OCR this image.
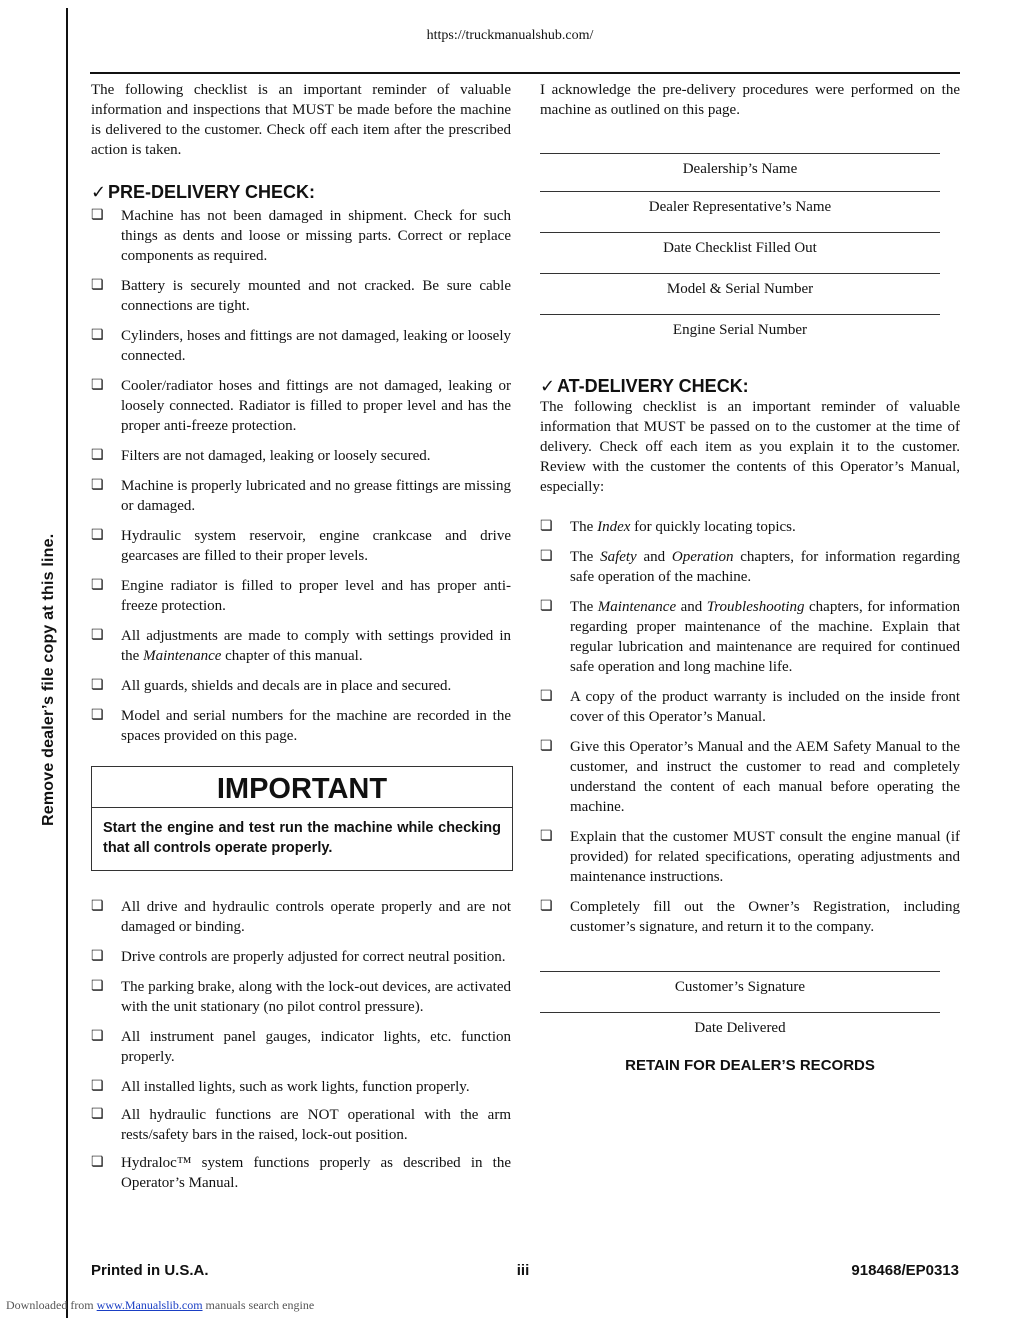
https://truckmanualshub.com/
Remove dealer’s file copy at this line.

The following checklist is an important reminder of valuable information and inspections that MUST be made before the machine is delivered to the customer. Check off each item after the prescribed action is taken.

✓ PRE-DELIVERY CHECK:
❏	Machine has not been damaged in shipment. Check for such things as dents and loose or missing parts. Correct or replace components as required.
❏	Battery is securely mounted and not cracked. Be sure cable connections are tight.
❏	Cylinders, hoses and fittings are not damaged, leaking or loosely connected.
❏	Cooler/radiator hoses and fittings are not damaged, leaking or loosely connected. Radiator is filled to proper level and has the proper anti-freeze protection.
❏	Filters are not damaged, leaking or loosely secured.
❏	Machine is properly lubricated and no grease fittings are missing or damaged.
❏	Hydraulic system reservoir, engine crankcase and drive gearcases are filled to their proper levels.
❏	Engine radiator is filled to proper level and has proper anti-freeze protection.
❏	All adjustments are made to comply with settings provided in the Maintenance chapter of this manual.
❏	All guards, shields and decals are in place and secured.
❏	Model and serial numbers for the machine are recorded in the spaces provided on this page.
IMPORTANT
Start the engine and test run the machine while checking that all controls operate properly.
❏	All drive and hydraulic controls operate properly and are not damaged or binding.
❏	Drive controls are properly adjusted for correct neutral position.
❏	The parking brake, along with the lock-out devices, are activated with the unit stationary (no pilot control pressure).
❏	All instrument panel gauges, indicator lights, etc. function properly.
❏	All installed lights, such as work lights, function properly.
❏	All hydraulic functions are NOT operational with the arm rests/safety bars in the raised, lock-out position.
❏	Hydraloc™ system functions properly as described in the Operator’s Manual.

I acknowledge the pre-delivery procedures were performed on the machine as outlined on this page.

Dealership’s Name
Dealer Representative’s Name
Date Checklist Filled Out
Model & Serial Number
Engine Serial Number
✓ AT-DELIVERY CHECK:

The following checklist is an important reminder of valuable information that MUST be passed on to the customer at the time of delivery. Check off each item as you explain it to the customer. Review with the customer the contents of this Operator’s Manual, especially:

❏	The Index for quickly locating topics.
❏	The Safety and Operation chapters, for information regarding safe operation of the machine.
❏	The Maintenance and Troubleshooting chapters, for information regarding proper maintenance of the machine. Explain that regular lubrication and maintenance are required for continued safe operation and long machine life.
❏	A copy of the product warranty is included on the inside front cover of this Operator’s Manual.
❏	Give this Operator’s Manual and the AEM Safety Manual to the customer, and instruct the customer to read and completely understand the content of each manual before operating the machine.
❏	Explain that the customer MUST consult the engine manual (if provided) for related specifications, operating adjustments and maintenance instructions.
❏	Completely fill out the Owner’s Registration, including customer’s signature, and return it to the company.
Customer’s Signature
Date Delivered
RETAIN FOR DEALER’S RECORDS
Printed in U.S.A.	iii	918468/EP0313
Downloaded from www.Manualslib.com manuals search engine
